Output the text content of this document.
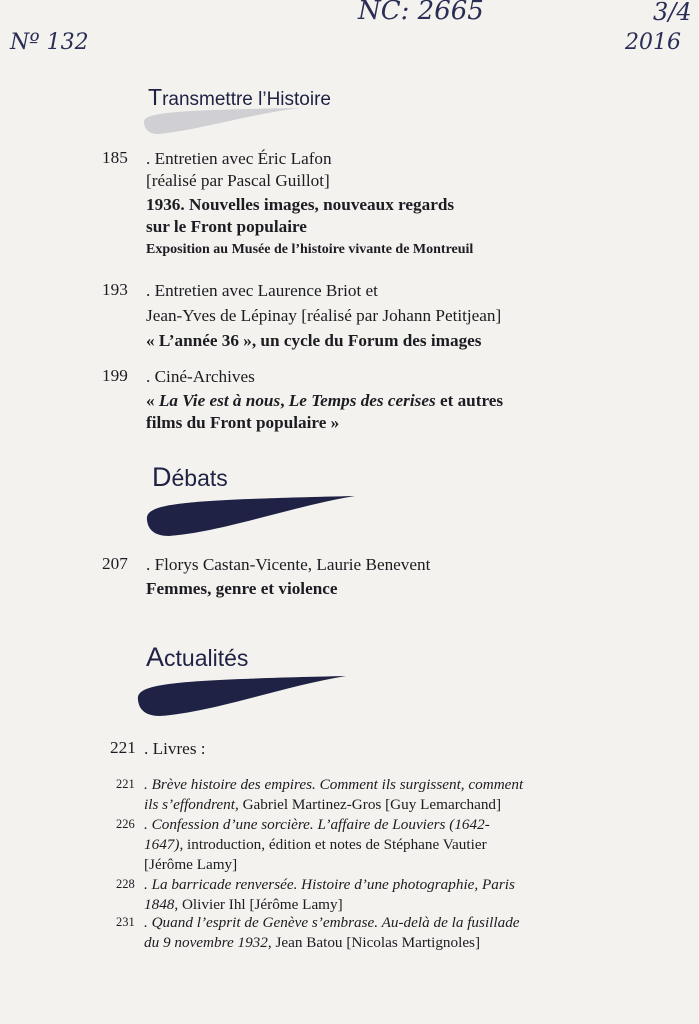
Nº 132
NC: 2665	3/4
2016
Transmettre l’Histoire
185 . Entretien avec Éric Lafon
[réalisé par Pascal Guillot]
1936. Nouvelles images, nouveaux regards
sur le Front populaire
Exposition au Musée de l’histoire vivante de Montreuil
193 . Entretien avec Laurence Briot et
Jean-Yves de Lépinay [réalisé par Johann Petitjean]
« L’année 36 », un cycle du Forum des images
199 . Ciné-Archives
« La Vie est à nous, Le Temps des cerises et autres
films du Front populaire »
Débats
207 . Florys Castan-Vicente, Laurie Benevent
Femmes, genre et violence
Actualités
221 . Livres :
221 . Brève histoire des empires. Comment ils surgissent, comment
ils s’effondrent, Gabriel Martinez-Gros [Guy Lemarchand]
226 . Confession d’une sorcière. L’affaire de Louviers (1642-
1647), introduction, édition et notes de Stéphane Vautier
[Jérôme Lamy]
228 . La barricade renversée. Histoire d’une photographie, Paris
1848, Olivier Ihl [Jérôme Lamy]
231 . Quand l’esprit de Genève s’embrase. Au-delà de la fusillade
du 9 novembre 1932, Jean Batou [Nicolas Martignoles]
